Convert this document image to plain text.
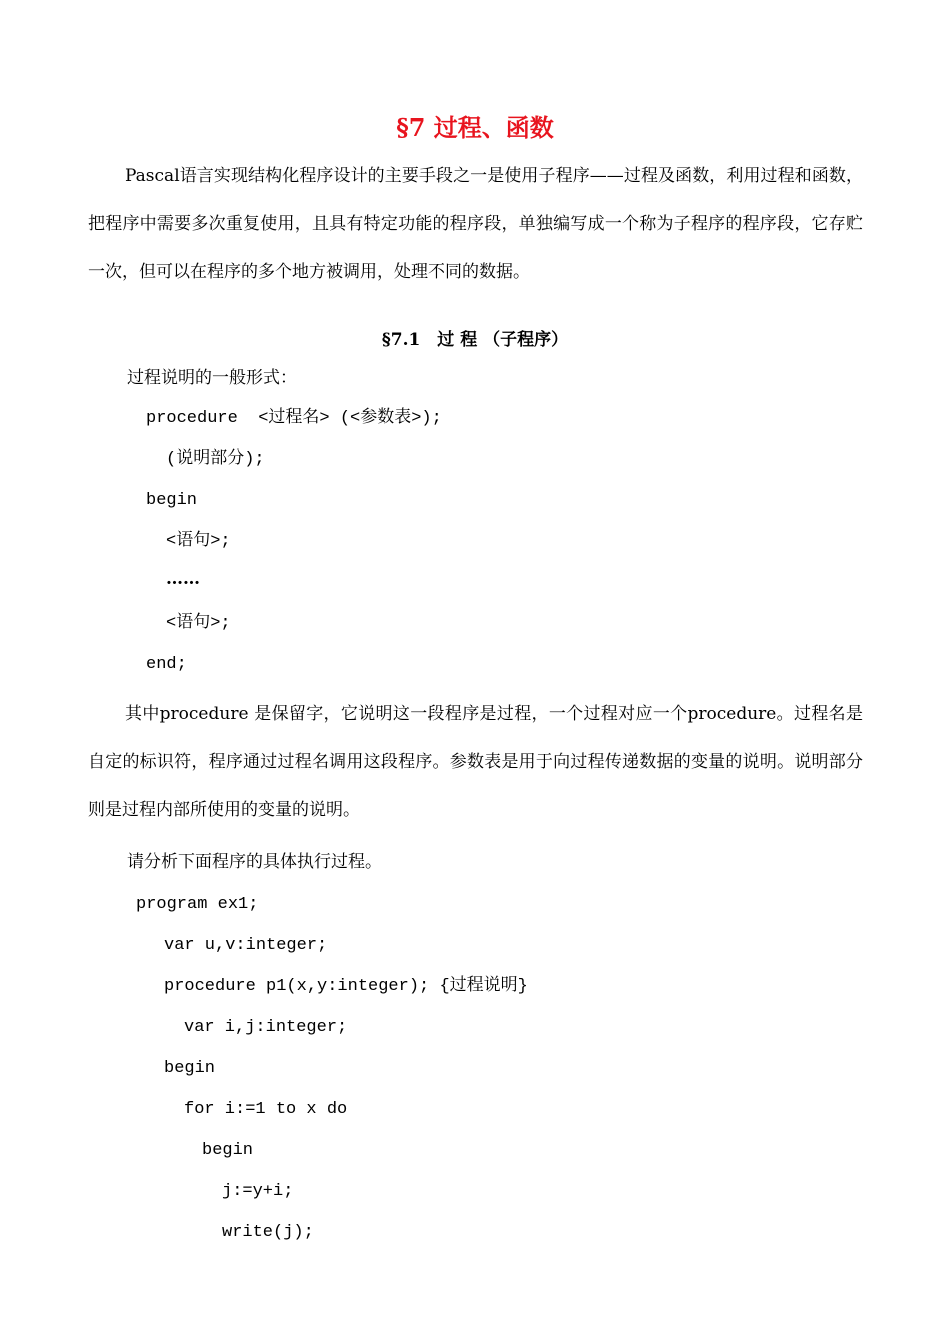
§7 过程、函数
Pascal语言实现结构化程序设计的主要手段之一是使用子程序——过程及函数，利用过程和函数，把程序中需要多次重复使用，且具有特定功能的程序段，单独编写成一个称为子程序的程序段，它存贮一次，但可以在程序的多个地方被调用，处理不同的数据。
§7.1　过 程 （子程序）
过程说明的一般形式：
procedure  <过程名> (<参数表>);
(说明部分);
begin
<语句>;
……
<语句>;
end;
其中procedure 是保留字，它说明这一段程序是过程，一个过程对应一个procedure。过程名是自定的标识符，程序通过过程名调用这段程序。参数表是用于向过程传递数据的变量的说明。说明部分则是过程内部所使用的变量的说明。
请分析下面程序的具体执行过程。
program ex1;
var u,v:integer;
procedure p1(x,y:integer); {过程说明}
var i,j:integer;
begin
for i:=1 to x do
begin
j:=y+i;
write(j);
